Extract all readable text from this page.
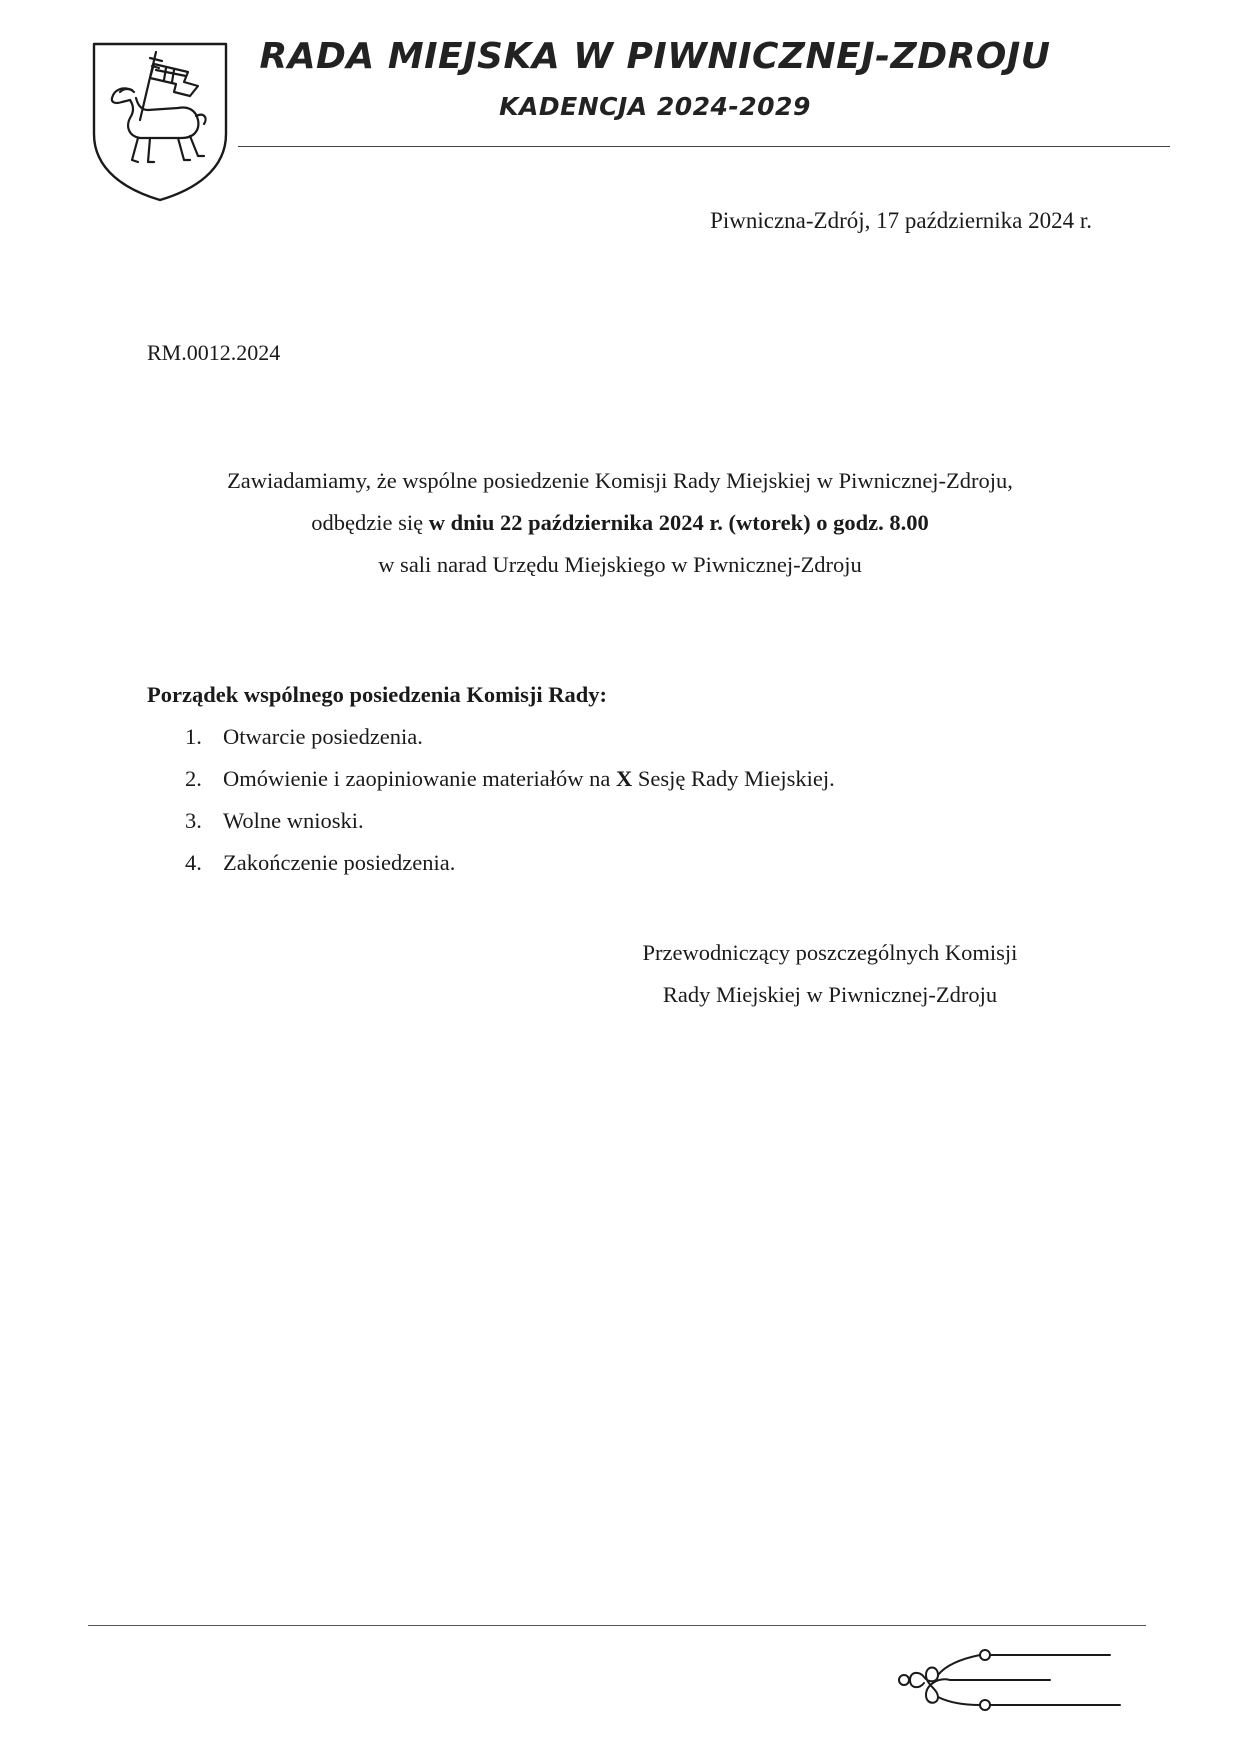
RADA MIEJSKA W PIWNICZNEJ-ZDROJU
KADENCJA 2024-2029
Piwniczna-Zdrój, 17 października 2024 r.
RM.0012.2024
Zawiadamiamy, że wspólne posiedzenie Komisji Rady Miejskiej w Piwnicznej-Zdroju,
odbędzie się w dniu 22 października 2024 r. (wtorek) o godz. 8.00
w sali narad Urzędu Miejskiego w Piwnicznej-Zdroju
Porządek wspólnego posiedzenia Komisji Rady:
1. Otwarcie posiedzenia.
2. Omówienie i zaopiniowanie materiałów na X Sesję Rady Miejskiej.
3. Wolne wnioski.
4. Zakończenie posiedzenia.
Przewodniczący poszczególnych Komisji
Rady Miejskiej w Piwnicznej-Zdroju
